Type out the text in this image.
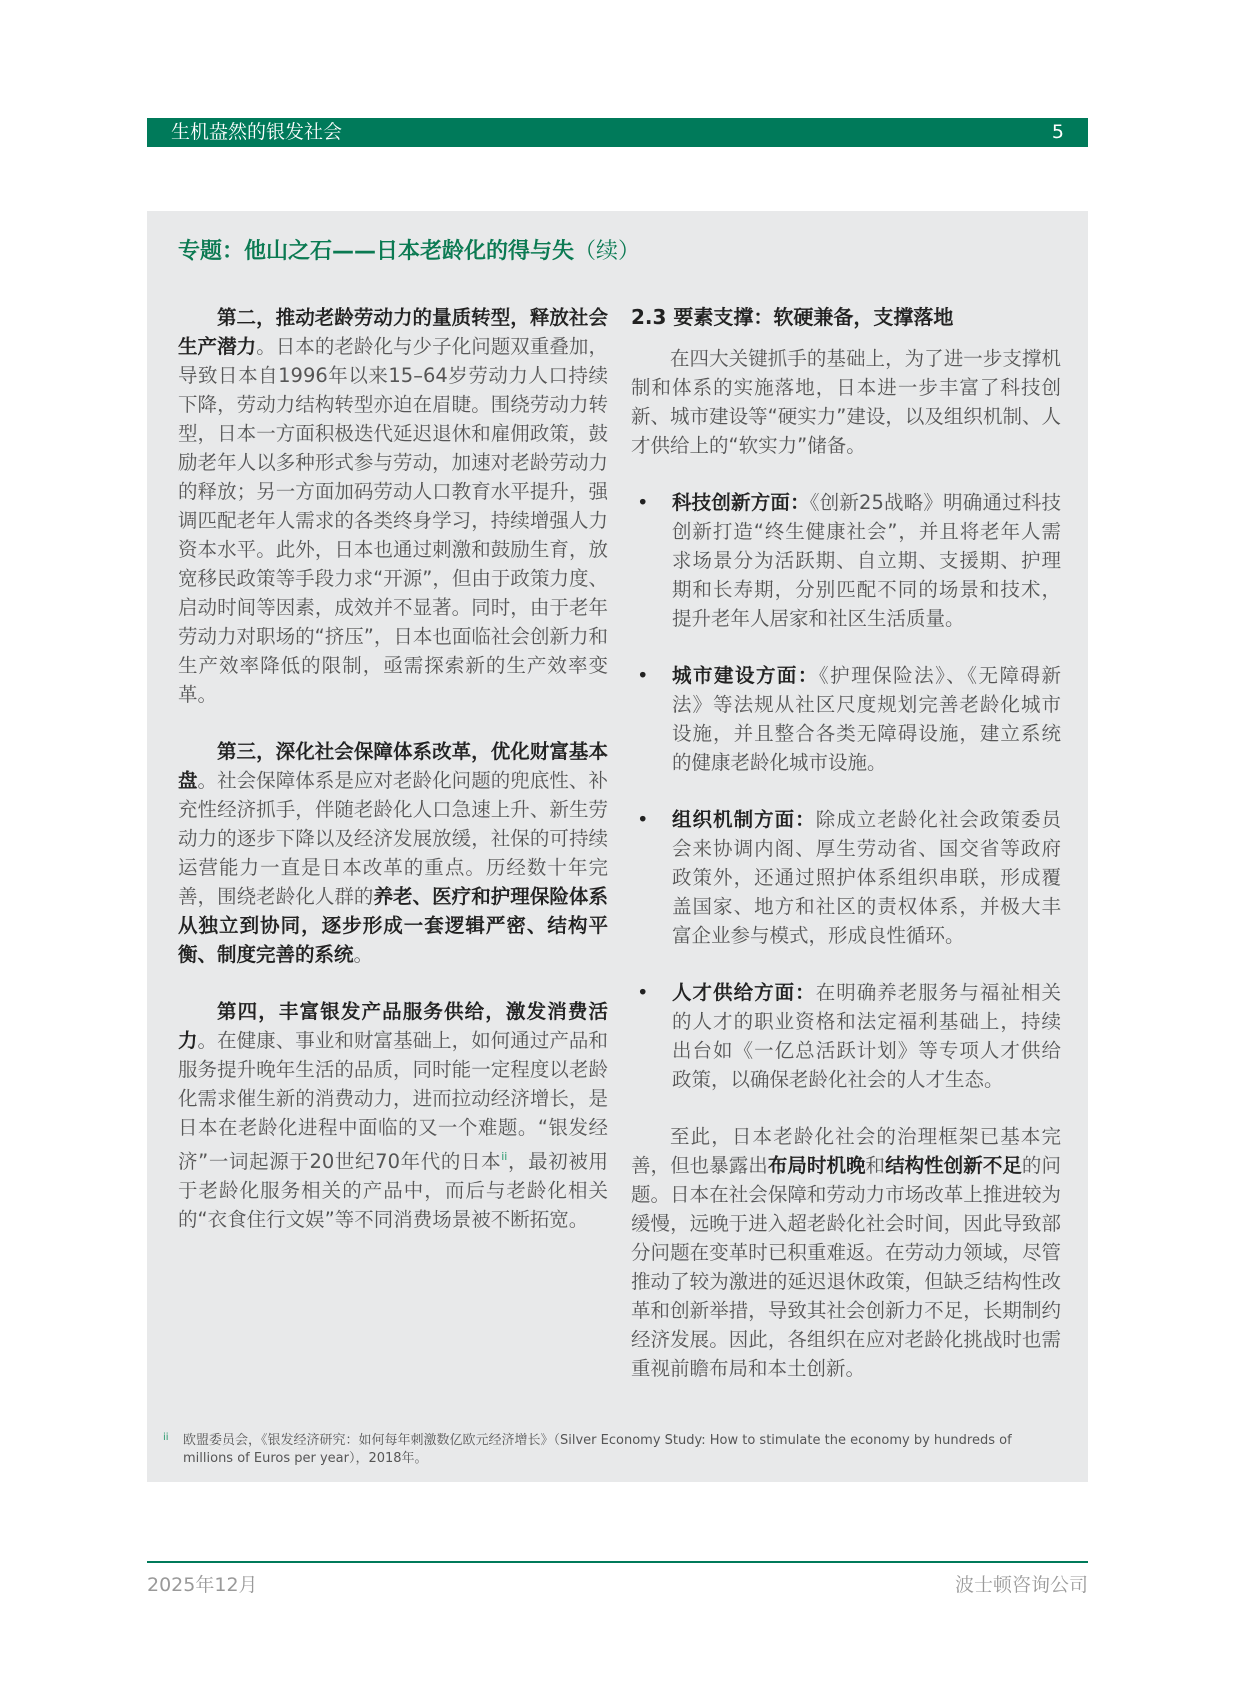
生机盎然的银发社会	5
专题：他山之石——日本老龄化的得与失（续）

第二，推动老龄劳动力的量质转型，释放社会生产潜力。日本的老龄化与少子化问题双重叠加，导致日本自1996年以来15–64岁劳动力人口持续下降，劳动力结构转型亦迫在眉睫。围绕劳动力转型，日本一方面积极迭代延迟退休和雇佣政策，鼓励老年人以多种形式参与劳动，加速对老龄劳动力的释放；另一方面加码劳动人口教育水平提升，强调匹配老年人需求的各类终身学习，持续增强人力资本水平。此外，日本也通过刺激和鼓励生育，放宽移民政策等手段力求“开源”，但由于政策力度、启动时间等因素，成效并不显著。同时，由于老年劳动力对职场的“挤压”，日本也面临社会创新力和生产效率降低的限制，亟需探索新的生产效率变革。

第三，深化社会保障体系改革，优化财富基本盘。社会保障体系是应对老龄化问题的兜底性、补充性经济抓手，伴随老龄化人口急速上升、新生劳动力的逐步下降以及经济发展放缓，社保的可持续运营能力一直是日本改革的重点。历经数十年完善，围绕老龄化人群的养老、医疗和护理保险体系从独立到协同，逐步形成一套逻辑严密、结构平衡、制度完善的系统。

第四，丰富银发产品服务供给，激发消费活力。在健康、事业和财富基础上，如何通过产品和服务提升晚年生活的品质，同时能一定程度以老龄化需求催生新的消费动力，进而拉动经济增长，是日本在老龄化进程中面临的又一个难题。“银发经济”一词起源于20世纪70年代的日本$^{ii}$，最初被用于老龄化服务相关的产品中，而后与老龄化相关的“衣食住行文娱”等不同消费场景被不断拓宽。

2.3 要素支撑：软硬兼备，支撑落地

在四大关键抓手的基础上，为了进一步支撑机制和体系的实施落地，日本进一步丰富了科技创新、城市建设等“硬实力”建设，以及组织机制、人才供给上的“软实力”储备。

• 科技创新方面：《创新25战略》明确通过科技创新打造“终生健康社会”，并且将老年人需求场景分为活跃期、自立期、支援期、护理期和长寿期，分别匹配不同的场景和技术，提升老年人居家和社区生活质量。

• 城市建设方面：《护理保险法》、《无障碍新法》等法规从社区尺度规划完善老龄化城市设施，并且整合各类无障碍设施，建立系统的健康老龄化城市设施。

• 组织机制方面：除成立老龄化社会政策委员会来协调内阁、厚生劳动省、国交省等政府政策外，还通过照护体系组织串联，形成覆盖国家、地方和社区的责权体系，并极大丰富企业参与模式，形成良性循环。

• 人才供给方面：在明确养老服务与福祉相关的人才的职业资格和法定福利基础上，持续出台如《一亿总活跃计划》等专项人才供给政策，以确保老龄化社会的人才生态。

至此，日本老龄化社会的治理框架已基本完善，但也暴露出布局时机晚和结构性创新不足的问题。日本在社会保障和劳动力市场改革上推进较为缓慢，远晚于进入超老龄化社会时间，因此导致部分问题在变革时已积重难返。在劳动力领域，尽管推动了较为激进的延迟退休政策，但缺乏结构性改革和创新举措，导致其社会创新力不足，长期制约经济发展。因此，各组织在应对老龄化挑战时也需重视前瞻布局和本土创新。

ii	欧盟委员会，《银发经济研究：如何每年刺激数亿欧元经济增长》（Silver Economy Study: How to stimulate the economy by hundreds of millions of Euros per year），2018年。
2025年12月	波士顿咨询公司
